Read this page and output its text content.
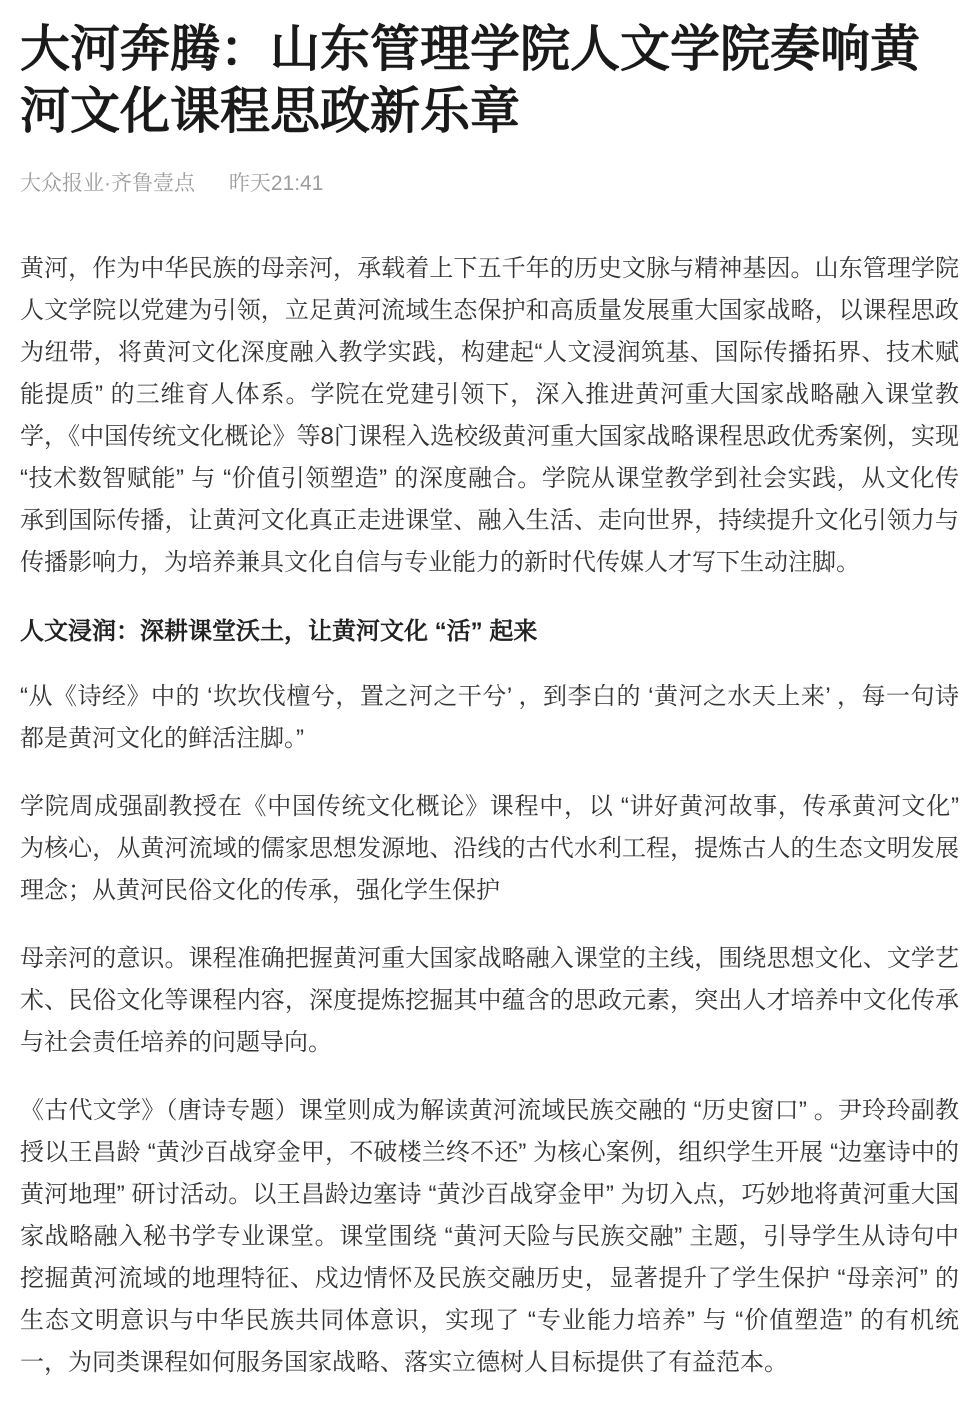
大河奔腾：山东管理学院人文学院奏响黄河文化课程思政新乐章
大众报业·齐鲁壹点 昨天21:41

黄河，作为中华民族的母亲河，承载着上下五千年的历史文脉与精神基因。山东管理学院人文学院以党建为引领，立足黄河流域生态保护和高质量发展重大国家战略，以课程思政为纽带，将黄河文化深度融入教学实践，构建起“人文浸润筑基、国际传播拓界、技术赋能提质” 的三维育人体系。学院在党建引领下，深入推进黄河重大国家战略融入课堂教学，《中国传统文化概论》等8门课程入选校级黄河重大国家战略课程思政优秀案例，实现 “技术数智赋能” 与 “价值引领塑造” 的深度融合。学院从课堂教学到社会实践，从文化传承到国际传播，让黄河文化真正走进课堂、融入生活、走向世界，持续提升文化引领力与传播影响力，为培养兼具文化自信与专业能力的新时代传媒人才写下生动注脚。

人文浸润：深耕课堂沃土，让黄河文化 “活” 起来

“从《诗经》中的 ‘坎坎伐檀兮，置之河之干兮’ ，到李白的 ‘黄河之水天上来’ ，每一句诗都是黄河文化的鲜活注脚。”

学院周成强副教授在《中国传统文化概论》课程中，以 “讲好黄河故事，传承黄河文化” 为核心，从黄河流域的儒家思想发源地、沿线的古代水利工程，提炼古人的生态文明发展理念；从黄河民俗文化的传承，强化学生保护

母亲河的意识。课程准确把握黄河重大国家战略融入课堂的主线，围绕思想文化、文学艺术、民俗文化等课程内容，深度提炼挖掘其中蕴含的思政元素，突出人才培养中文化传承与社会责任培养的问题导向。

《古代文学》（唐诗专题）课堂则成为解读黄河流域民族交融的 “历史窗口” 。尹玲玲副教授以王昌龄 “黄沙百战穿金甲，不破楼兰终不还” 为核心案例，组织学生开展 “边塞诗中的黄河地理” 研讨活动。以王昌龄边塞诗 “黄沙百战穿金甲” 为切入点，巧妙地将黄河重大国家战略融入秘书学专业课堂。课堂围绕 “黄河天险与民族交融” 主题，引导学生从诗句中挖掘黄河流域的地理特征、戍边情怀及民族交融历史，显著提升了学生保护 “母亲河” 的生态文明意识与中华民族共同体意识，实现了 “专业能力培养” 与 “价值塑造” 的有机统一，为同类课程如何服务国家战略、落实立德树人目标提供了有益范本。
